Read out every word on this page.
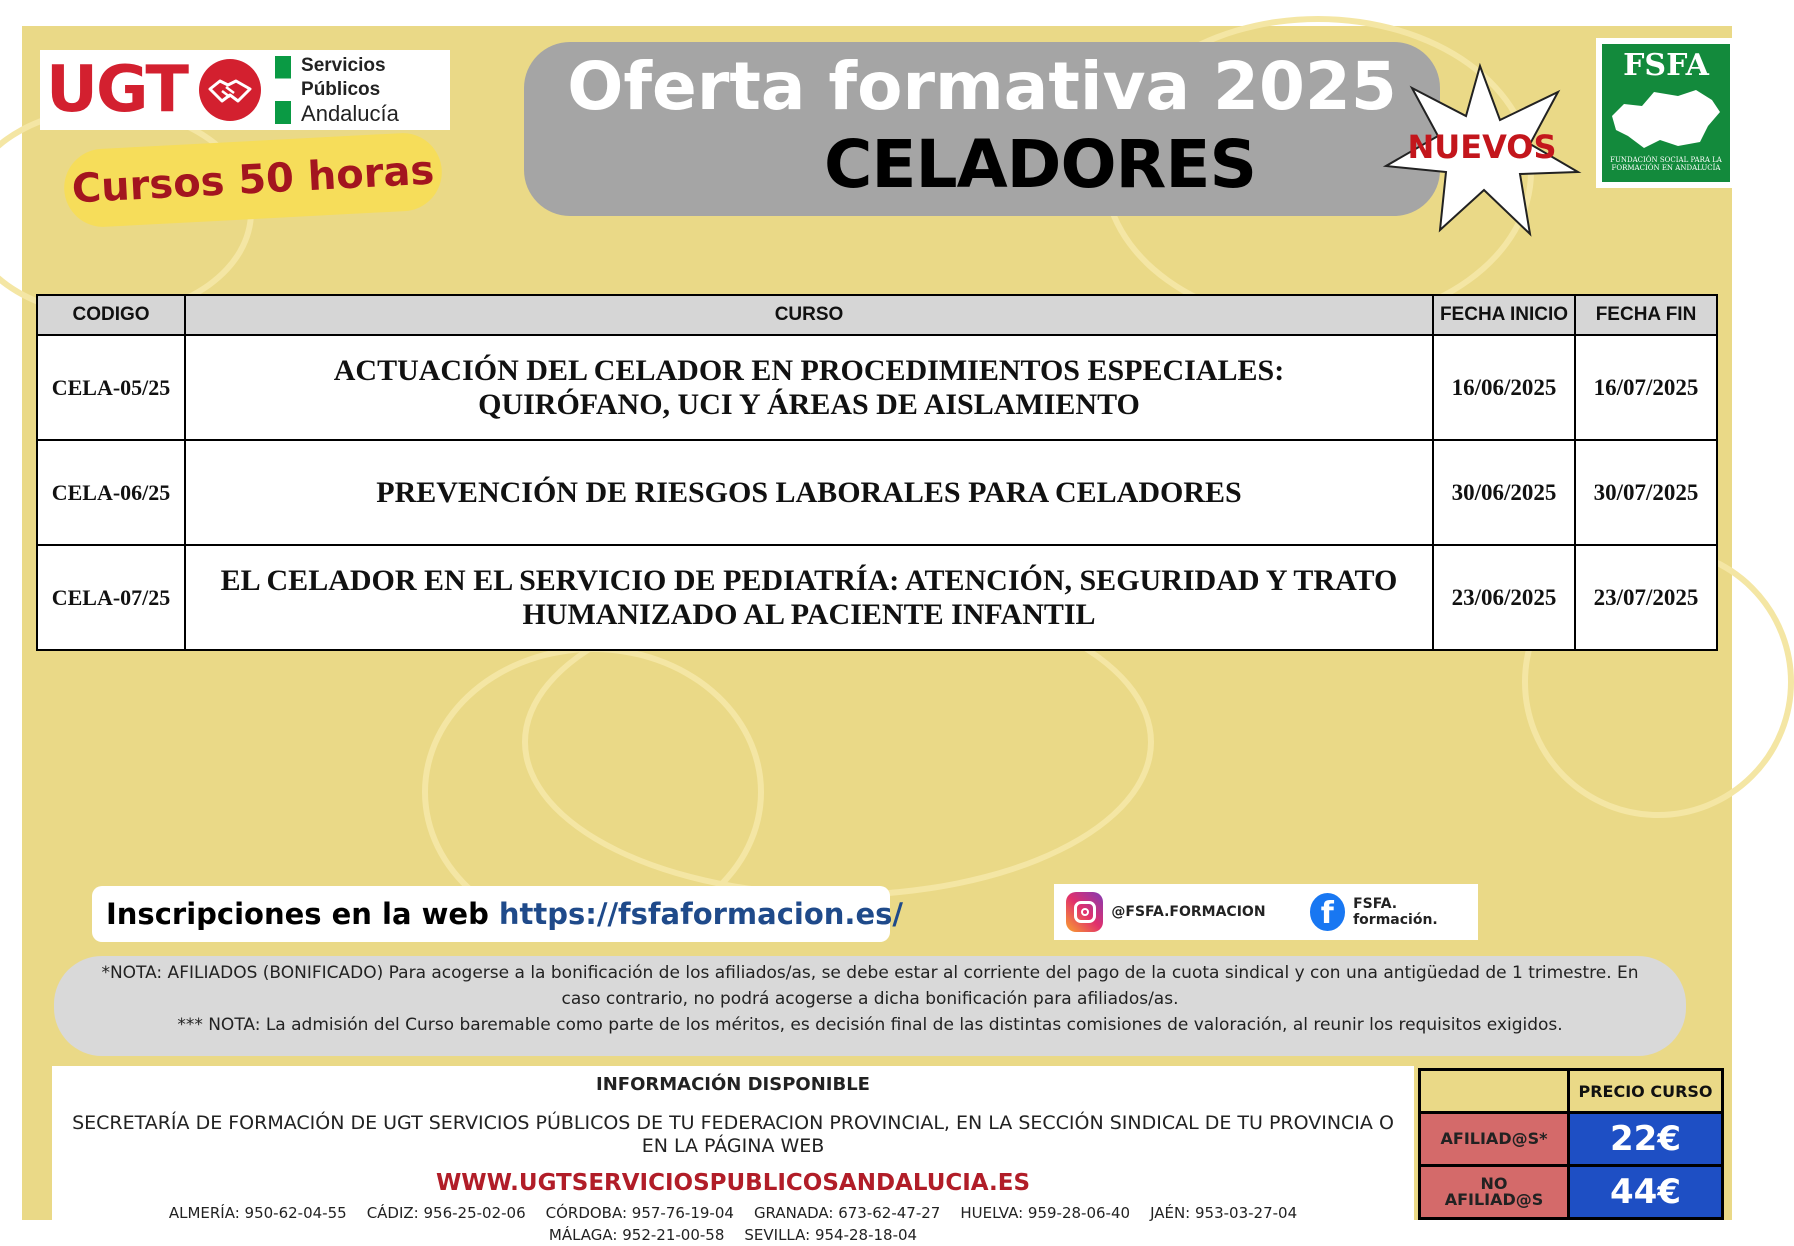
UGT	Servicios
Públicos
Andalucía
Cursos 50 horas
Oferta formativa 2025
CELADORES	NUEVOS
FSFA
FUNDACIÓN SOCIAL PARA LA FORMACIÓN EN ANDALUCÍA
CODIGO	CURSO	FECHA INICIO	FECHA FIN
CELA-05/25	ACTUACIÓN DEL CELADOR EN PROCEDIMIENTOS ESPECIALES: QUIRÓFANO, UCI Y ÁREAS DE AISLAMIENTO	16/06/2025	16/07/2025
CELA-06/25	PREVENCIÓN DE RIESGOS LABORALES PARA CELADORES	30/06/2025	30/07/2025
CELA-07/25	EL CELADOR EN EL SERVICIO DE PEDIATRÍA: ATENCIÓN, SEGURIDAD Y TRATO HUMANIZADO AL PACIENTE INFANTIL	23/06/2025	23/07/2025
Inscripciones en la web https://fsfaformacion.es/	@FSFA.FORMACION	f	FSFA. formación.

*NOTA: AFILIADOS (BONIFICADO) Para acogerse a la bonificación de los afiliados/as, se debe estar al corriente del pago de la cuota sindical y con una antigüedad de 1 trimestre. En caso contrario, no podrá acogerse a dicha bonificación para afiliados/as.

*** NOTA: La admisión del Curso baremable como parte de los méritos, es decisión final de las distintas comisiones de valoración, al reunir los requisitos exigidos.

INFORMACIÓN DISPONIBLE
SECRETARÍA DE FORMACIÓN DE UGT SERVICIOS PÚBLICOS DE TU FEDERACION PROVINCIAL, EN LA SECCIÓN SINDICAL DE TU PROVINCIA O EN LA PÁGINA WEB
WWW.UGTSERVICIOSPUBLICOSANDALUCIA.ES
ALMERÍA: 950-62-04-55 CÁDIZ: 956-25-02-06 CÓRDOBA: 957-76-19-04 GRANADA: 673-62-47-27 HUELVA: 959-28-06-40 JAÉN: 953-03-27-04
MÁLAGA: 952-21-00-58 SEVILLA: 954-28-18-04
	PRECIO CURSO
AFILIAD@S*	22€
NO
AFILIAD@S	44€
